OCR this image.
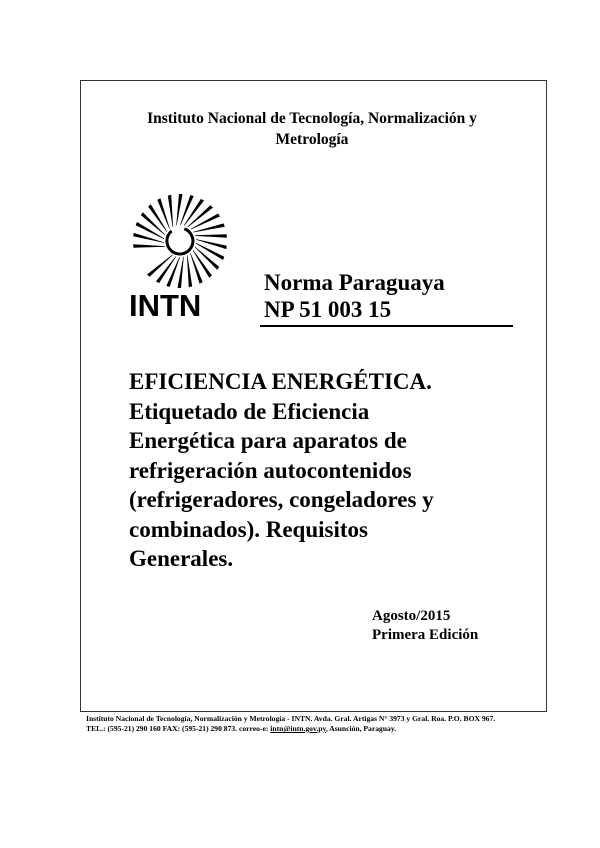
Instituto Nacional de Tecnología, Normalización y
Metrología
INTN
Norma Paraguaya
NP 51 003 15
EFICIENCIA ENERGÉTICA.
Etiquetado de Eficiencia
Energética para aparatos de
refrigeración autocontenidos
(refrigeradores, congeladores y
combinados). Requisitos
Generales.
Agosto/2015
Primera Edición
Instituto Nacional de Tecnología, Normalización y Metrología - INTN. Avda. Gral. Artigas N° 3973 y Gral. Roa. P.O. BOX 967.
TEL.: (595-21) 290 160 FAX: (595-21) 290 873. correo-e: intn@intn.gov.py, Asunción, Paraguay.
